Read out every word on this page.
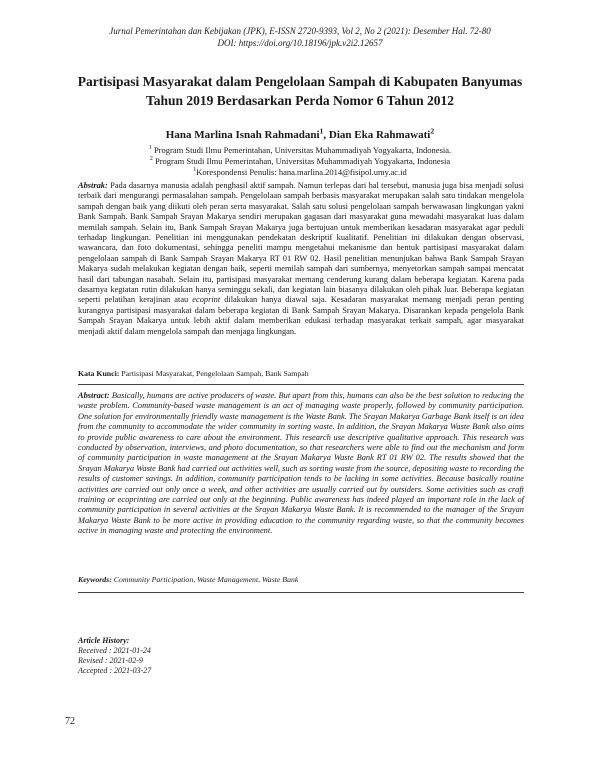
Jurnal Pemerintahan dan Kebijakan (JPK), E-ISSN 2720-9393, Vol 2, No 2 (2021): Desember Hal. 72-80
DOI: https://doi.org/10.18196/jpk.v2i2.12657
Partisipasi Masyarakat dalam Pengelolaan Sampah di Kabupaten Banyumas
Tahun 2019 Berdasarkan Perda Nomor 6 Tahun 2012
Hana Marlina Isnah Rahmadani$^1$, Dian Eka Rahmawati$^2$
$^1$ Program Studi Ilmu Pemerintahan, Universitas Muhammadiyah Yogyakarta, Indonesia.
$^2$ Program Studi Ilmu Pemerintahan, Universitas Muhammadiyah Yogyakarta, Indonesia
$^1$Korespondensi Penulis: hana.marlina.2014@fisipol.umy.ac.id
Abstrak: Pada dasarnya manusia adalah penghasil aktif sampah. Namun terlepas dari hal tersebut, manusia juga bisa menjadi solusi terbaik dari mengurangi permasalahan sampah. Pengelolaan sampah berbasis masyarakat merupakan salah satu tindakan mengelola sampah dengan baik yang diikuti oleh peran serta masyarakat. Salah satu solusi pengelolaan sampah berwawasan lingkungan yakni Bank Sampah. Bank Sampah Srayan Makarya sendiri merupakan gagasan dari masyarakat guna mewadahi masyarakat luas dalam memilah sampah. Selain itu, Bank Sampah Srayan Makarya juga bertujuan untuk memberikan kesadaran masyarakat agar peduli terhadap lingkungan. Penelitian ini menggunakan pendekatan deskriptif kualitatif. Penelitian ini dilakukan dengan observasi, wawancara, dan foto dokumentasi, sehingga peneliti mampu mengetahui mekanisme dan bentuk partisipasi masyarakat dalam pengelolaan sampah di Bank Sampah Srayan Makarya RT 01 RW 02. Hasil penelitian menunjukan bahwa Bank Sampah Srayan Makarya sudah melakukan kegiatan dengan baik, seperti memilah sampah dari sumbernya, menyetorkan sampah sampai mencatat hasil dari tabungan nasabah. Selain itu, partisipasi masyarakat memang cenderung kurang dalam beberapa kegiatan. Karena pada dasarnya kegiatan rutin dilakukan hanya seminggu sekali, dan kegiatan lain biasanya dilakukan oleh pihak luar. Beberapa kegiatan seperti pelatihan kerajinan atau ecoprint dilakukan hanya diawal saja. Kesadaran masyarakat memang menjadi peran penting kurangnya partisipasi masyarakat dalam beberapa kegiatan di Bank Sampah Srayan Makarya. Disarankan kepada pengelola Bank Sampah Srayan Makarya untuk lebih aktif dalam memberikan edukasi terhadap masyarakat terkait sampah, agar masyarakat menjadi aktif dalam mengelola sampah dan menjaga lingkungan.
Kata Kunci: Partisipasi Masyarakat, Pengelolaan Sampah, Bank Sampah
Abstract: Basically, humans are active producers of waste. But apart from this, humans can also be the best solution to reducing the waste problem. Community-based waste management is an act of managing waste properly, followed by community participation. One solution for environmentally friendly waste management is the Waste Bank. The Srayan Makarya Garbage Bank itself is an idea from the community to accommodate the wider community in sorting waste. In addition, the Srayan Makarya Waste Bank also aims to provide public awareness to care about the environment. This research use descriptive qualitative approach. This research was conducted by observation, interviews, and photo documentation, so that researchers were able to find out the mechanism and form of community participation in waste management at the Srayan Makarya Waste Bank RT 01 RW 02. The results showed that the Srayan Makarya Waste Bank had carried out activities well, such as sorting waste from the source, depositing waste to recording the results of customer savings. In addition, community participation tends to be lacking in some activities. Because basically routine activities are carried out only once a week, and other activities are usually carried out by outsiders. Some activities such as craft training or ecoprinting are carried out only at the beginning. Public awareness has indeed played an important role in the lack of community participation in several activities at the Srayan Makarya Waste Bank. It is recommended to the manager of the Srayan Makarya Waste Bank to be more active in providing education to the community regarding waste, so that the community becomes active in managing waste and protecting the environment.
Keywords: Community Participation, Waste Management, Waste Bank
Article History:
Received : 2021-01-24
Revised : 2021-02-9
Accepted : 2021-03-27
72
